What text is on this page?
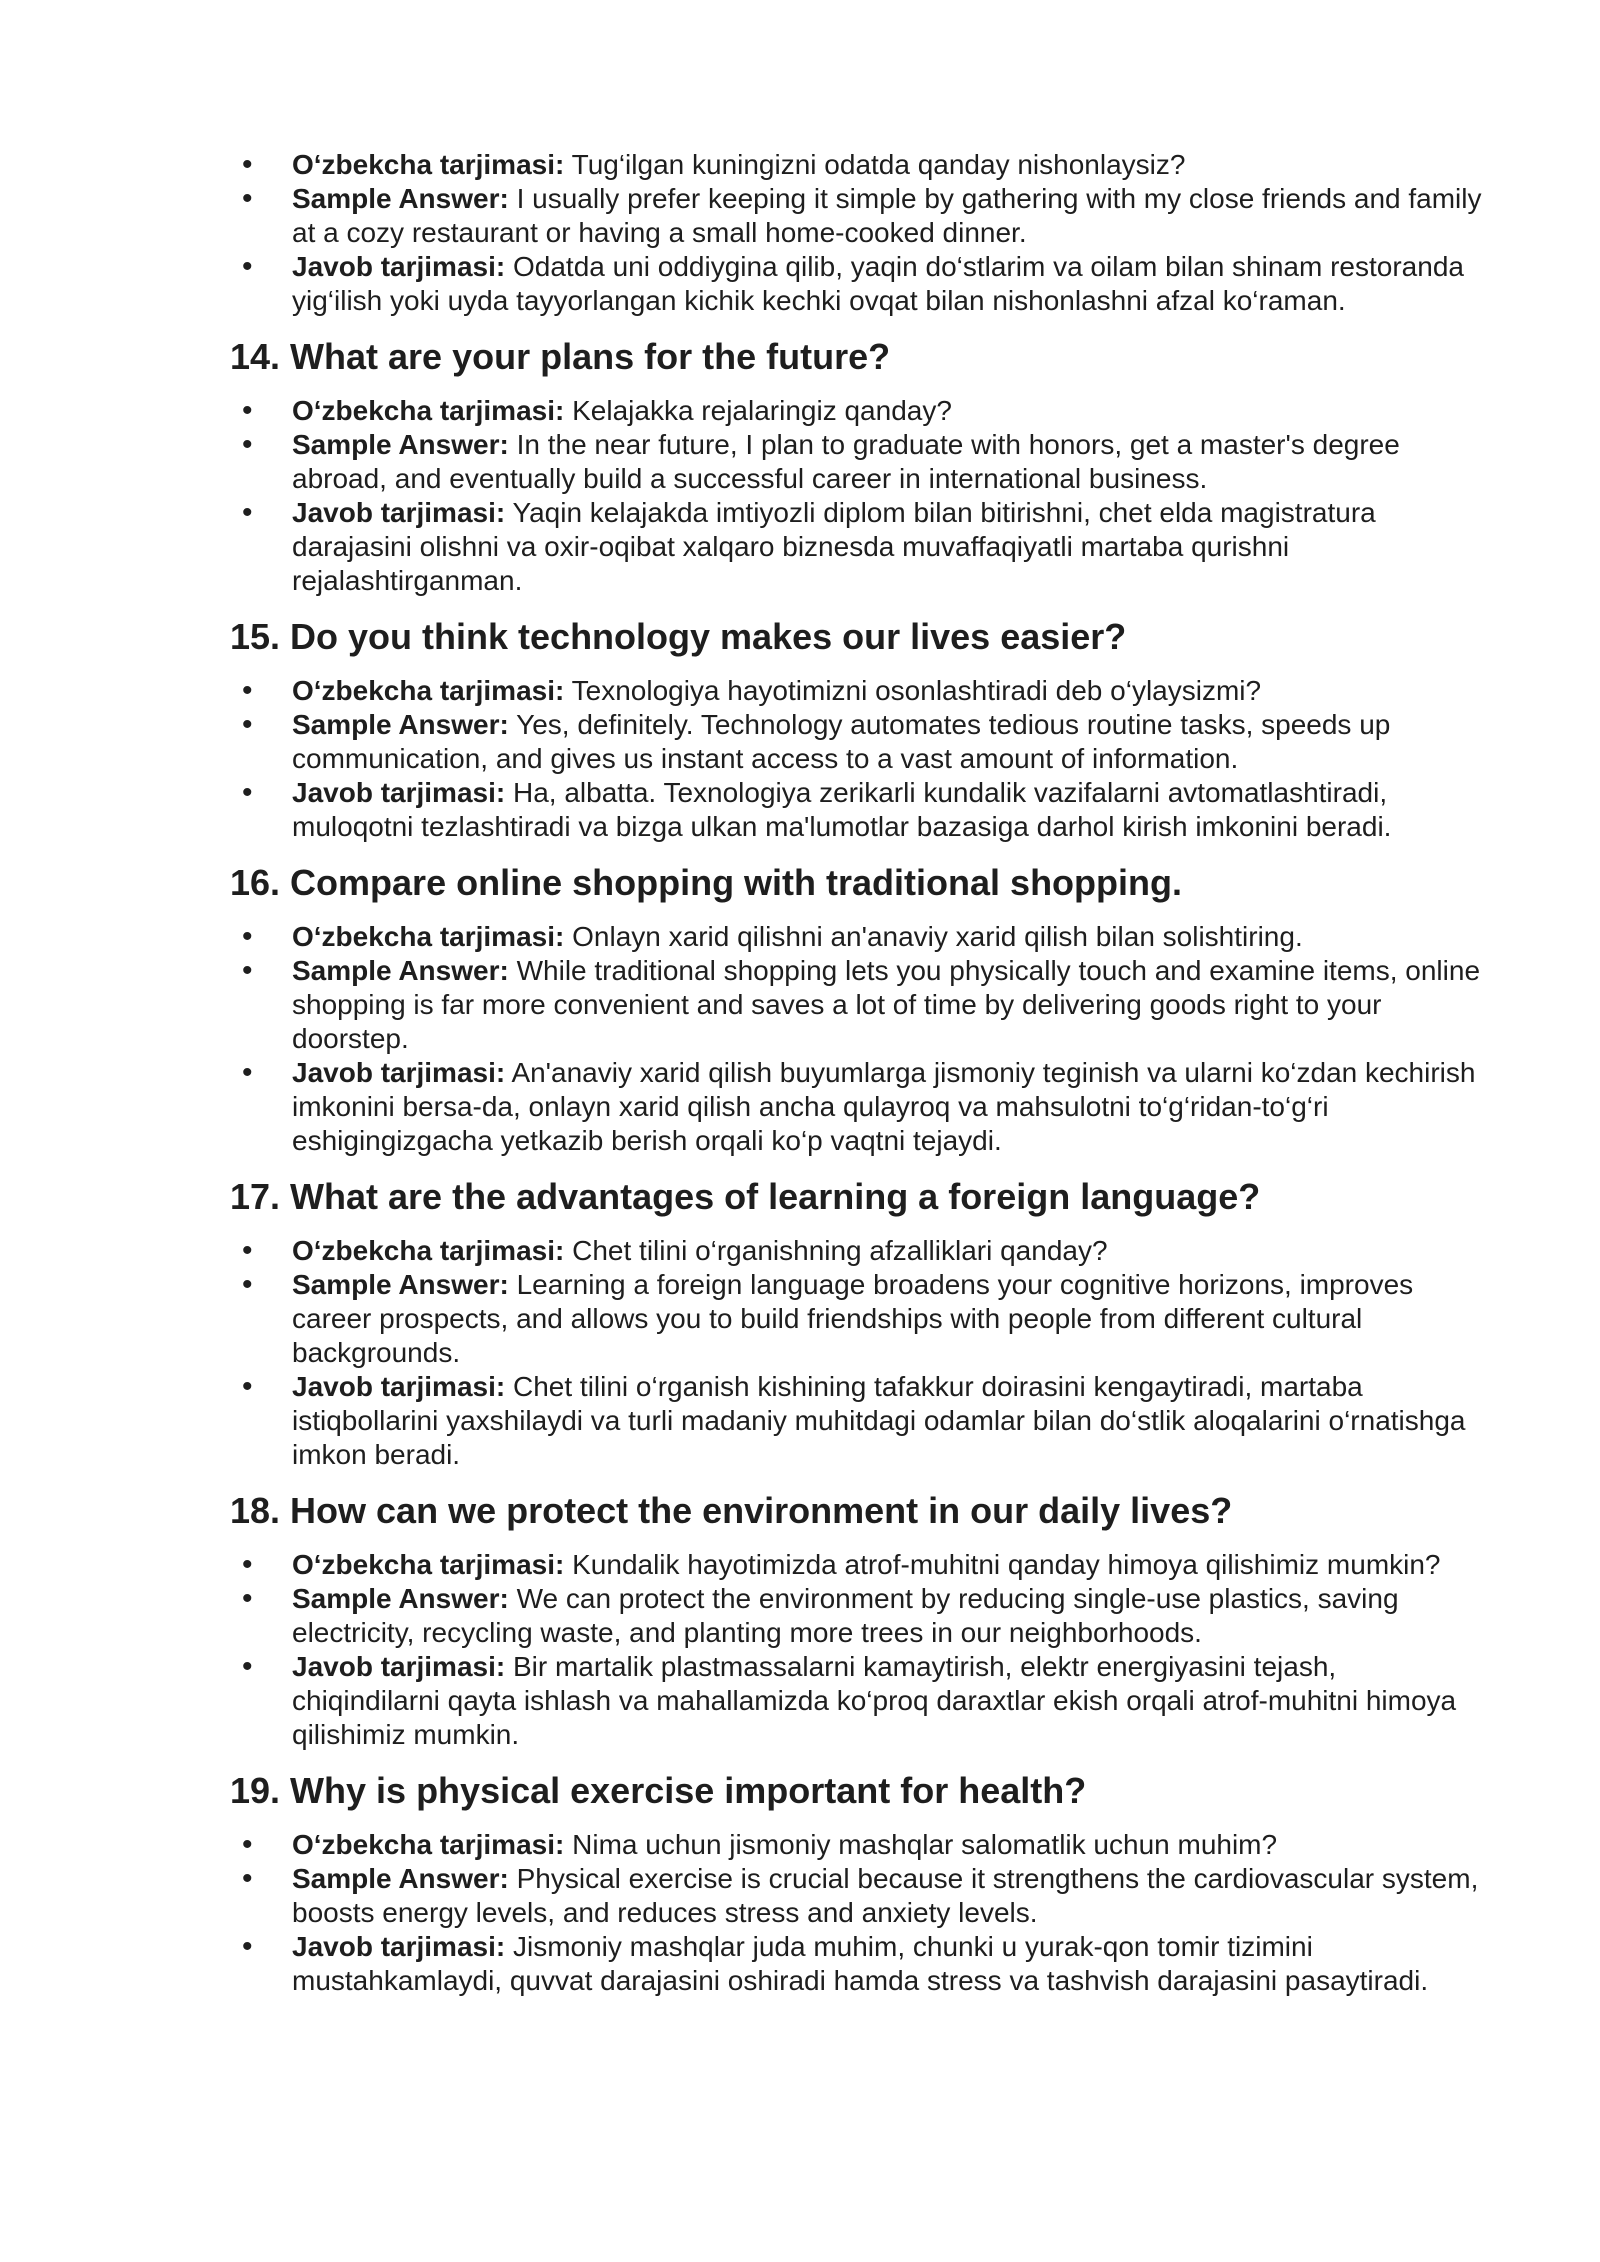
• O‘zbekcha tarjimasi: Tug‘ilgan kuningizni odatda qanday nishonlaysiz?
• Sample Answer: I usually prefer keeping it simple by gathering with my close friends and family at a cozy restaurant or having a small home-cooked dinner.
• Javob tarjimasi: Odatda uni oddiygina qilib, yaqin do‘stlarim va oilam bilan shinam restoranda yig‘ilish yoki uyda tayyorlangan kichik kechki ovqat bilan nishonlashni afzal ko‘raman.
14. What are your plans for the future?
• O‘zbekcha tarjimasi: Kelajakka rejalaringiz qanday?
• Sample Answer: In the near future, I plan to graduate with honors, get a master's degree abroad, and eventually build a successful career in international business.
• Javob tarjimasi: Yaqin kelajakda imtiyozli diplom bilan bitirishni, chet elda magistratura darajasini olishni va oxir-oqibat xalqaro biznesda muvaffaqiyatli martaba qurishni rejalashtirganman.
15. Do you think technology makes our lives easier?
• O‘zbekcha tarjimasi: Texnologiya hayotimizni osonlashtiradi deb o‘ylaysizmi?
• Sample Answer: Yes, definitely. Technology automates tedious routine tasks, speeds up communication, and gives us instant access to a vast amount of information.
• Javob tarjimasi: Ha, albatta. Texnologiya zerikarli kundalik vazifalarni avtomatlashtiradi, muloqotni tezlashtiradi va bizga ulkan ma'lumotlar bazasiga darhol kirish imkonini beradi.
16. Compare online shopping with traditional shopping.
• O‘zbekcha tarjimasi: Onlayn xarid qilishni an'anaviy xarid qilish bilan solishtiring.
• Sample Answer: While traditional shopping lets you physically touch and examine items, online shopping is far more convenient and saves a lot of time by delivering goods right to your doorstep.
• Javob tarjimasi: An'anaviy xarid qilish buyumlarga jismoniy teginish va ularni ko‘zdan kechirish imkonini bersa-da, onlayn xarid qilish ancha qulayroq va mahsulotni to‘g‘ridan-to‘g‘ri eshigingizgacha yetkazib berish orqali ko‘p vaqtni tejaydi.
17. What are the advantages of learning a foreign language?
• O‘zbekcha tarjimasi: Chet tilini o‘rganishning afzalliklari qanday?
• Sample Answer: Learning a foreign language broadens your cognitive horizons, improves career prospects, and allows you to build friendships with people from different cultural backgrounds.
• Javob tarjimasi: Chet tilini o‘rganish kishining tafakkur doirasini kengaytiradi, martaba istiqbollarini yaxshilaydi va turli madaniy muhitdagi odamlar bilan do‘stlik aloqalarini o‘rnatishga imkon beradi.
18. How can we protect the environment in our daily lives?
• O‘zbekcha tarjimasi: Kundalik hayotimizda atrof-muhitni qanday himoya qilishimiz mumkin?
• Sample Answer: We can protect the environment by reducing single-use plastics, saving electricity, recycling waste, and planting more trees in our neighborhoods.
• Javob tarjimasi: Bir martalik plastmassalarni kamaytirish, elektr energiyasini tejash, chiqindilarni qayta ishlash va mahallamizda ko‘proq daraxtlar ekish orqali atrof-muhitni himoya qilishimiz mumkin.
19. Why is physical exercise important for health?
• O‘zbekcha tarjimasi: Nima uchun jismoniy mashqlar salomatlik uchun muhim?
• Sample Answer: Physical exercise is crucial because it strengthens the cardiovascular system, boosts energy levels, and reduces stress and anxiety levels.
• Javob tarjimasi: Jismoniy mashqlar juda muhim, chunki u yurak-qon tomir tizimini mustahkamlaydi, quvvat darajasini oshiradi hamda stress va tashvish darajasini pasaytiradi.
